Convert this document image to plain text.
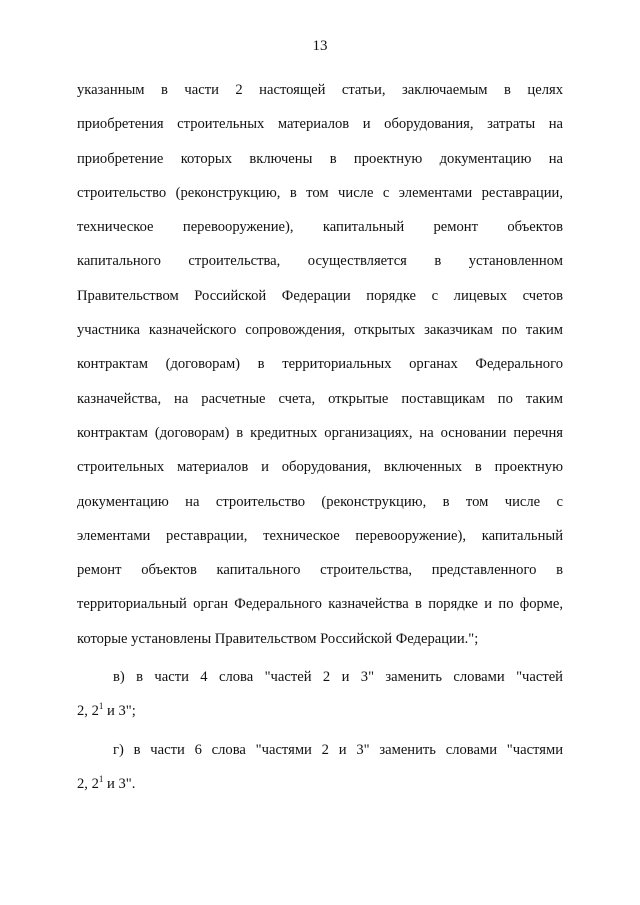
13
указанным в части 2 настоящей статьи, заключаемым в целях
приобретения строительных материалов и оборудования, затраты на
приобретение которых включены в проектную документацию на
строительство (реконструкцию, в том числе с элементами реставрации,
техническое перевооружение), капитальный ремонт объектов
капитального строительства, осуществляется в установленном
Правительством Российской Федерации порядке с лицевых счетов
участника казначейского сопровождения, открытых заказчикам по таким
контрактам (договорам) в территориальных органах Федерального
казначейства, на расчетные счета, открытые поставщикам по таким
контрактам (договорам) в кредитных организациях, на основании перечня
строительных материалов и оборудования, включенных в проектную
документацию на строительство (реконструкцию, в том числе с
элементами реставрации, техническое перевооружение), капитальный
ремонт объектов капитального строительства, представленного в
территориальный орган Федерального казначейства в порядке и по форме,
которые установлены Правительством Российской Федерации.";
в) в части 4 слова "частей 2 и 3" заменить словами "частей
2, $2^1$ и 3";
г) в части 6 слова "частями 2 и 3" заменить словами "частями
2, $2^1$ и 3".
